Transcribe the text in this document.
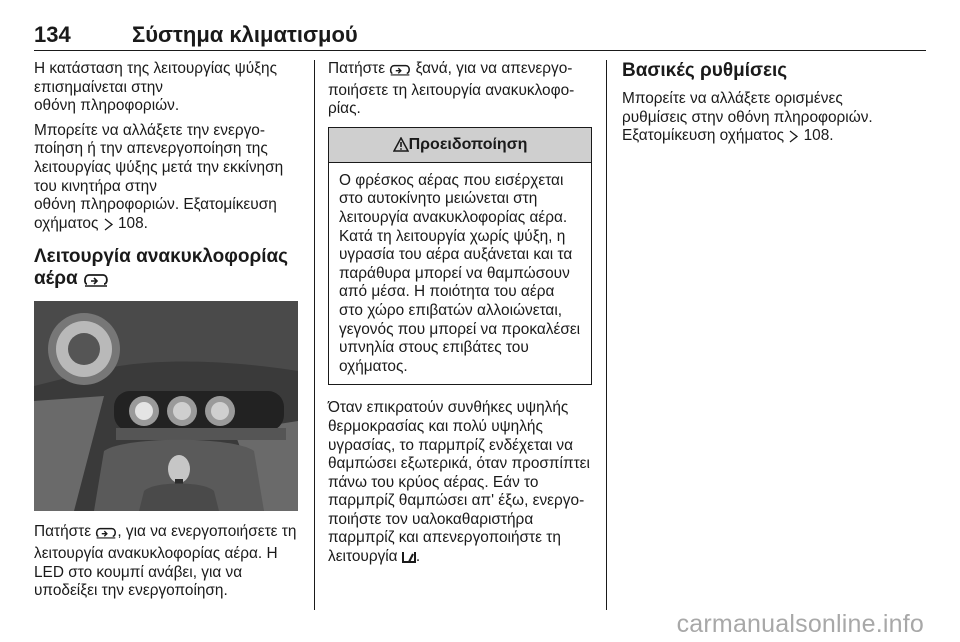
134	Σύστημα κλιματισμού

Η κατάσταση της λειτουργίας ψύξης επισημαίνεται στην
οθόνη πληροφοριών.

Μπορείτε να αλλάξετε την ενεργοποίηση ή την απενεργοποίηση της λειτουργίας ψύξης μετά την εκκίνηση του κινητήρα στην
οθόνη πληροφοριών. Εξατομίκευση οχήματος 108.

Λειτουργία ανακυκλοφορίας
αέρα

Πατήστε , για να ενεργοποιήσετε τη λειτουργία ανακυκλοφορίας αέρα. Η LED στο κουμπί ανάβει, για να υποδείξει την ενεργοποίηση.

Πατήστε ξανά, για να απενεργοποιήσετε τη λειτουργία ανακυκλοφορίας.

Προειδοποίηση
Ο φρέσκος αέρας που εισέρχεται στο αυτοκίνητο μειώνεται στη λειτουργία ανακυκλοφορίας αέρα. Κατά τη λειτουργία χωρίς ψύξη, η υγρασία του αέρα αυξάνεται και τα παράθυρα μπορεί να θαμπώσουν από μέσα. Η ποιότητα του αέρα στο χώρο επιβατών αλλοιώνεται, γεγονός που μπορεί να προκαλέσει υπνηλία στους επιβάτες του οχήματος.

Όταν επικρατούν συνθήκες υψηλής θερμοκρασίας και πολύ υψηλής υγρασίας, το παρμπρίζ ενδέχεται να θαμπώσει εξωτερικά, όταν προσπίπτει πάνω του κρύος αέρας. Εάν το παρμπρίζ θαμπώσει απ' έξω, ενεργοποιήστε τον υαλοκαθαριστήρα παρμπρίζ και απενεργοποιήστε τη λειτουργία .

Βασικές ρυθμίσεις

Μπορείτε να αλλάξετε ορισμένες ρυθμίσεις στην οθόνη πληροφοριών. Εξατομίκευση οχήματος 108.

carmanualsonline.info
